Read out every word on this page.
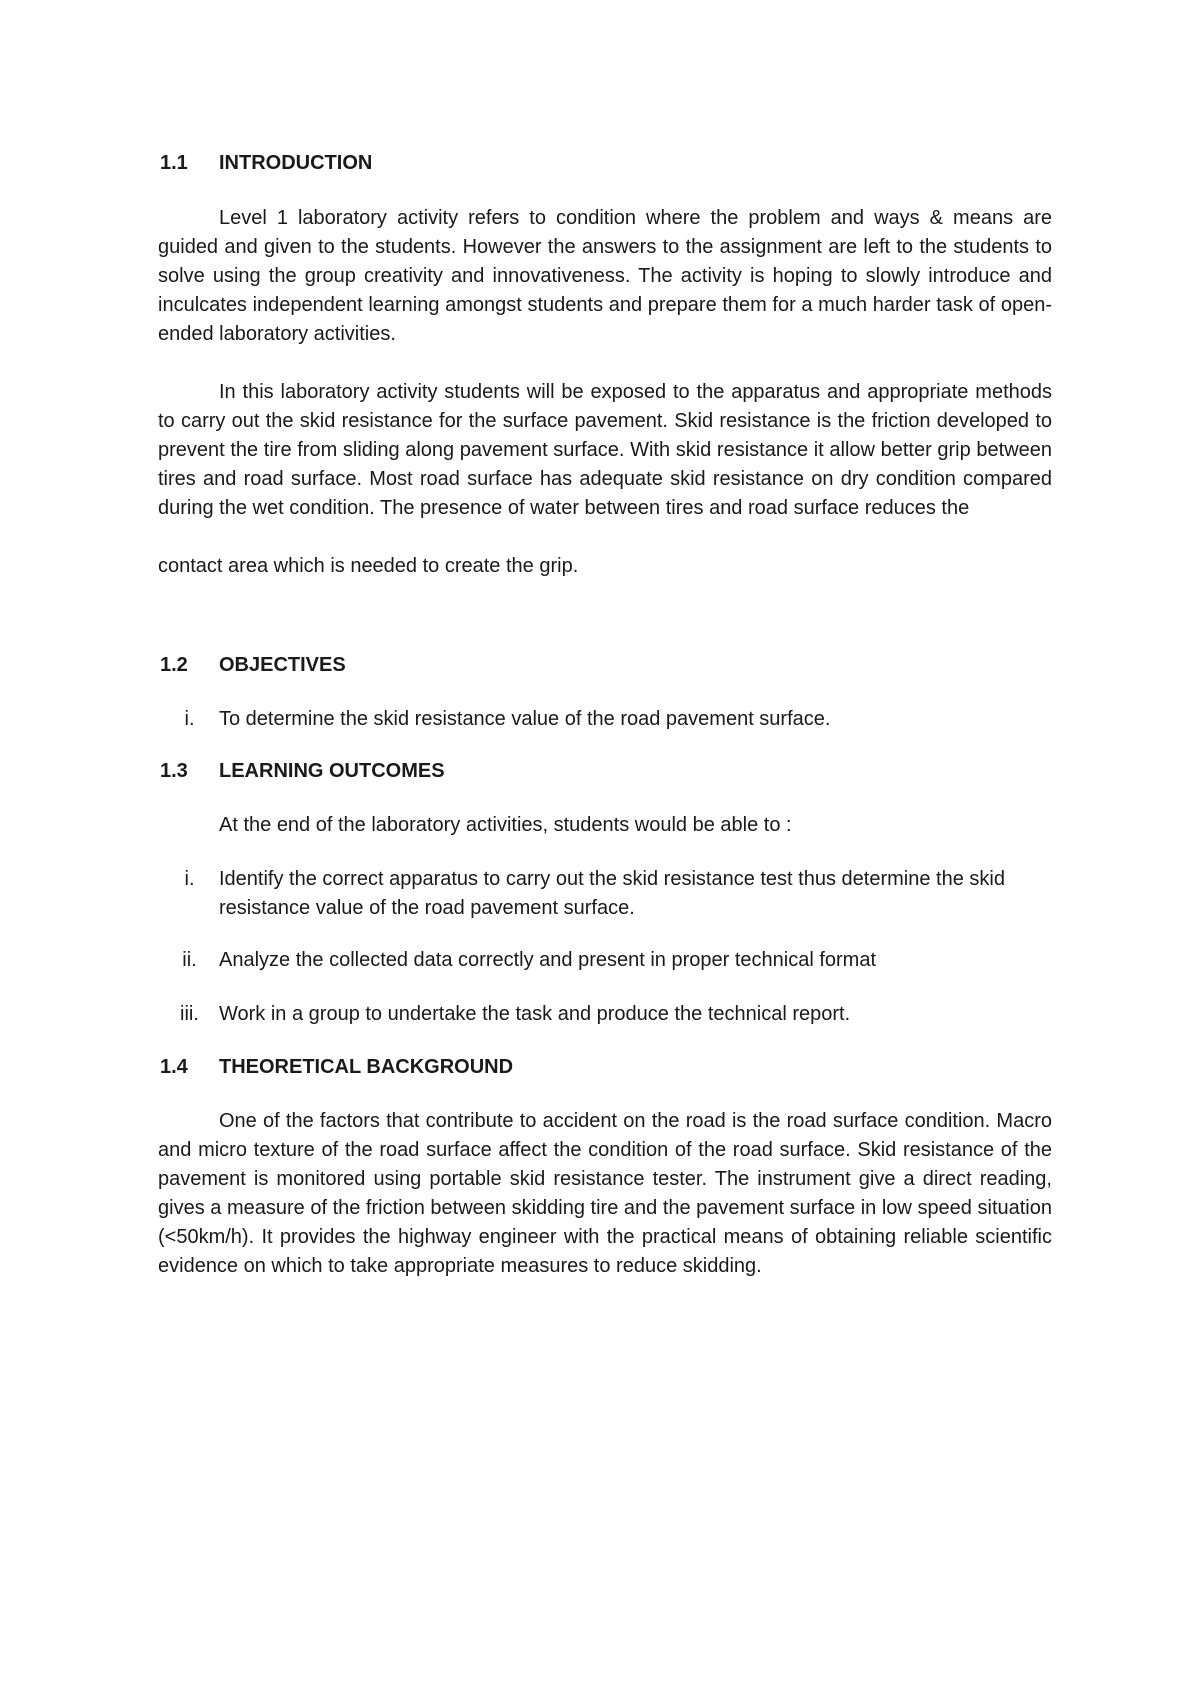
1.1 INTRODUCTION

Level 1 laboratory activity refers to condition where the problem and ways & means are guided and given to the students. However the answers to the assignment are left to the students to solve using the group creativity and innovativeness. The activity is hoping to slowly introduce and inculcates independent learning amongst students and prepare them for a much harder task of open-ended laboratory activities.

In this laboratory activity students will be exposed to the apparatus and appropriate methods to carry out the skid resistance for the surface pavement. Skid resistance is the friction developed to prevent the tire from sliding along pavement surface. With skid resistance it allow better grip between tires and road surface. Most road surface has adequate skid resistance on dry condition compared during the wet condition. The presence of water between tires and road surface reduces the

contact area which is needed to create the grip.

1.2 OBJECTIVES
i.	To determine the skid resistance value of the road pavement surface.
1.3 LEARNING OUTCOMES
At the end of the laboratory activities, students would be able to :
i.	Identify the correct apparatus to carry out the skid resistance test thus determine the skid resistance value of the road pavement surface.
ii.	Analyze the collected data correctly and present in proper technical format
iii.	Work in a group to undertake the task and produce the technical report.
1.4 THEORETICAL BACKGROUND

One of the factors that contribute to accident on the road is the road surface condition. Macro and micro texture of the road surface affect the condition of the road surface. Skid resistance of the pavement is monitored using portable skid resistance tester. The instrument give a direct reading, gives a measure of the friction between skidding tire and the pavement surface in low speed situation (<50km/h). It provides the highway engineer with the practical means of obtaining reliable scientific evidence on which to take appropriate measures to reduce skidding.
